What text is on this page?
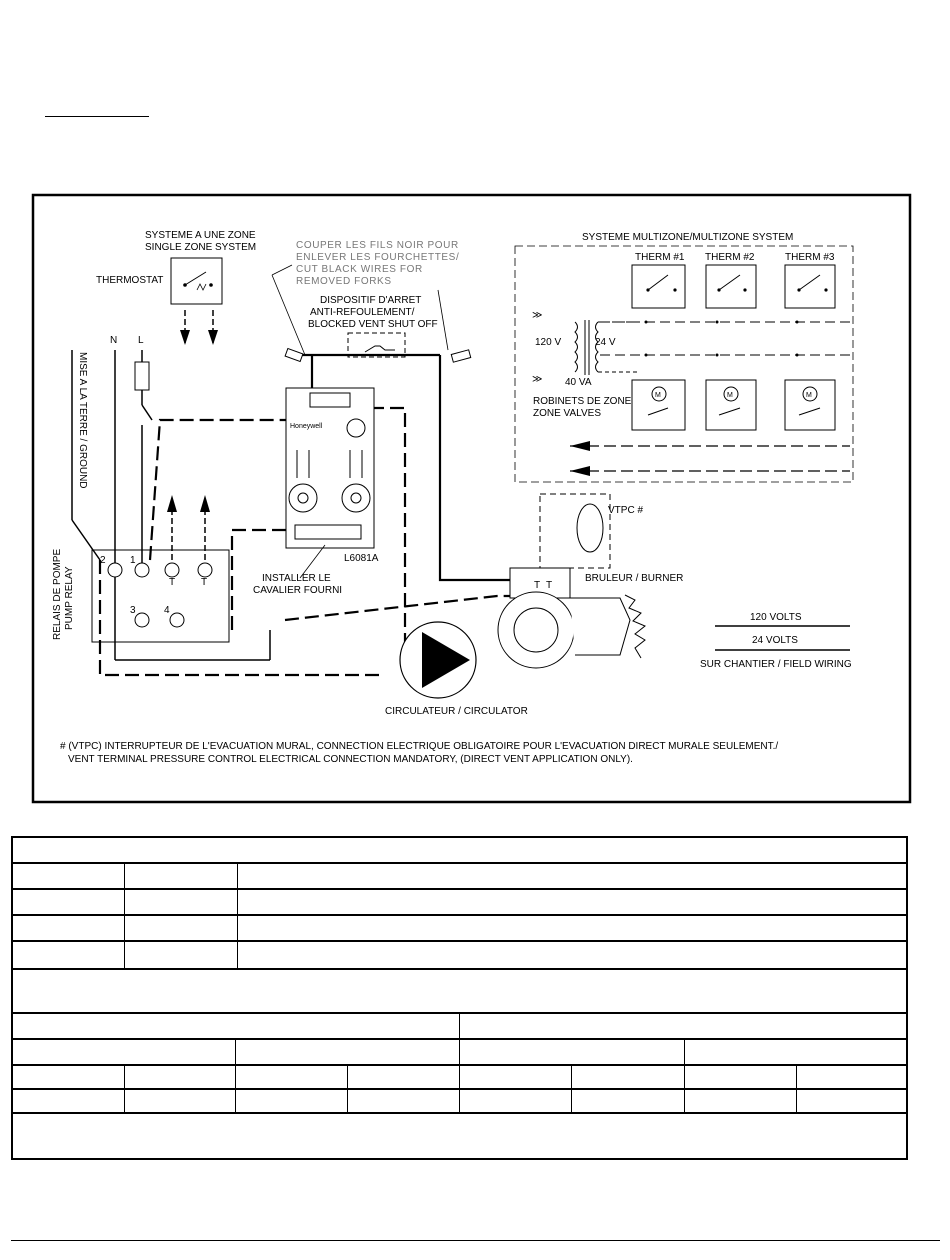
SYSTEME A UNE ZONE
SINGLE ZONE SYSTEM
THERMOSTAT
COUPER LES FILS NOIR POUR
ENLEVER LES FOURCHETTES/
CUT BLACK WIRES FOR
REMOVED FORKS
DISPOSITIF D'ARRET
ANTI-REFOULEMENT/
BLOCKED VENT SHUT OFF
SYSTEME MULTIZONE/MULTIZONE SYSTEM
THERM #1 THERM #2	THERM #3
≫
≫
120 V	24 V
40 VA
ROBINETS DE ZONE
ZONE VALVES
M	M	M
N L
MISE A LA TERRE / GROUND
RELAIS DE POMPE PUMP RELAY
2 1
3	4
T	T
Honeywell
L6081A
INSTALLER LE
CAVALIER FOURNI
CIRCULATEUR / CIRCULATOR
VTPC #
T T
BRULEUR / BURNER
120 VOLTS
24 VOLTS
SUR CHANTIER / FIELD WIRING
# (VTPC) INTERRUPTEUR DE L'EVACUATION MURAL, CONNECTION ELECTRIQUE OBLIGATOIRE POUR L'EVACUATION DIRECT MURALE SEULEMENT./
VENT TERMINAL PRESSURE CONTROL ELECTRICAL CONNECTION MANDATORY, (DIRECT VENT APPLICATION ONLY).
